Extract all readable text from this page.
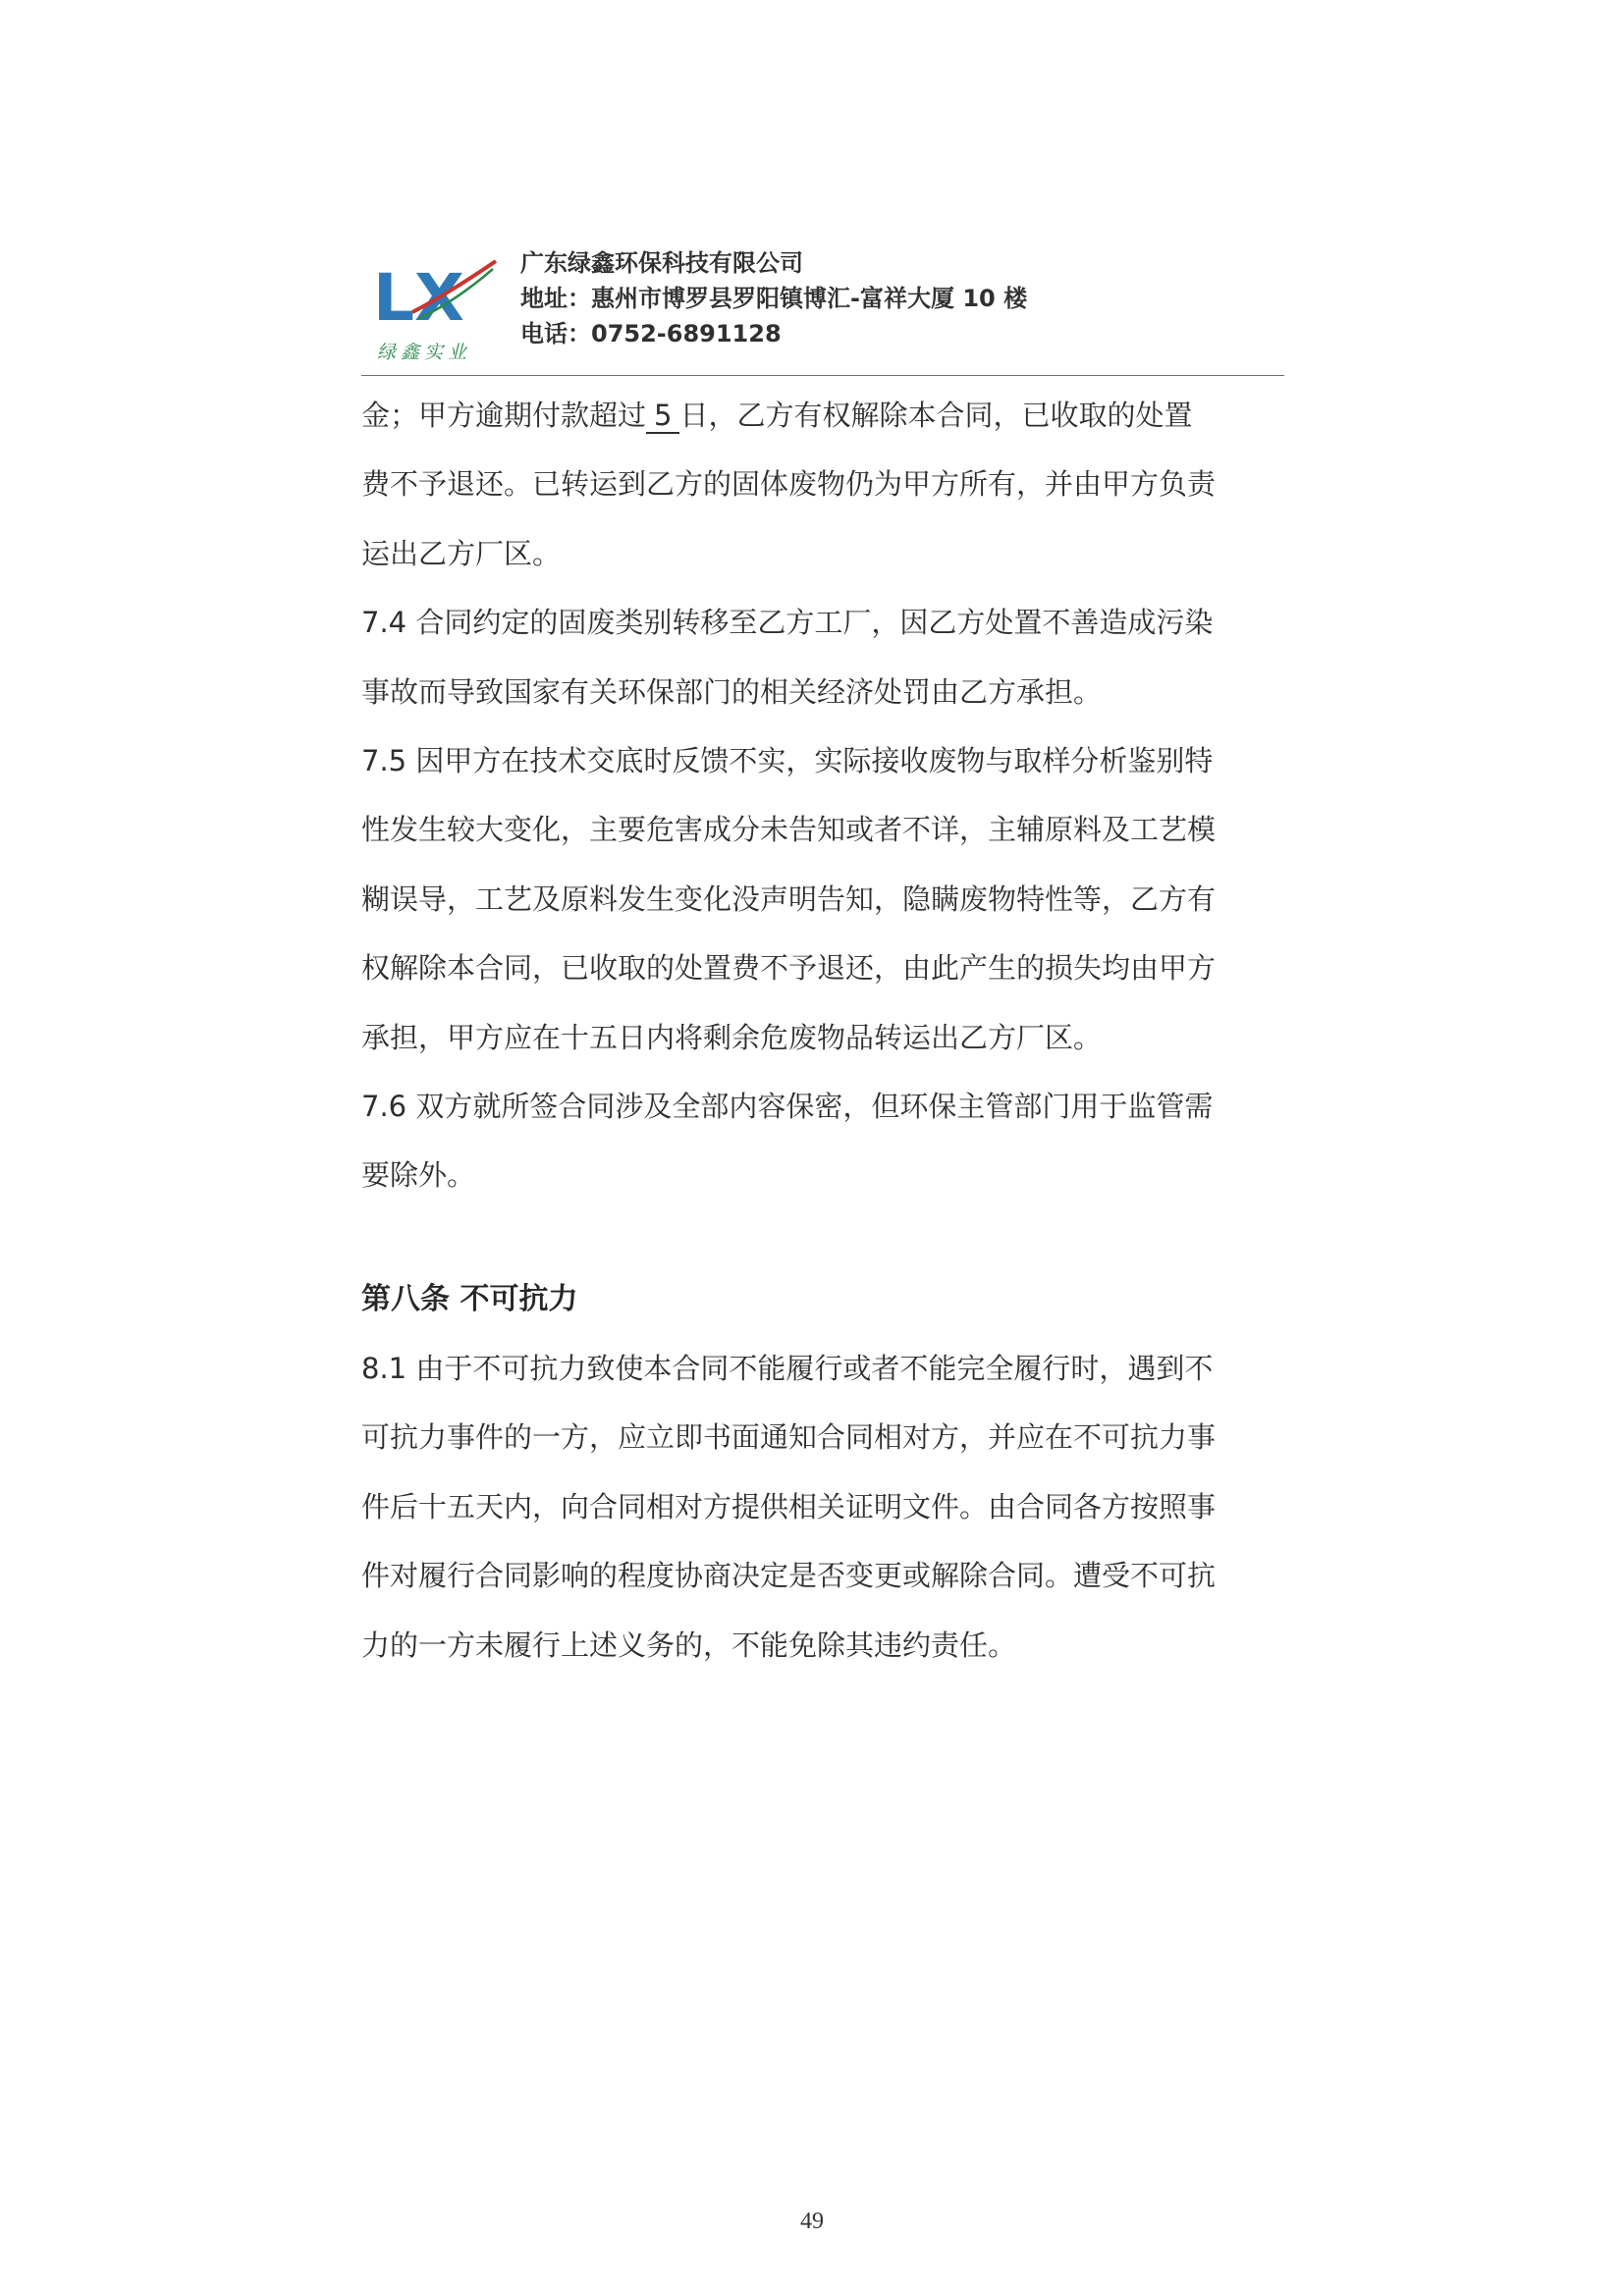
LX
绿鑫实业
广东绿鑫环保科技有限公司
地址：惠州市博罗县罗阳镇博汇-富祥大厦 10 楼
电话：0752-6891128

金；甲方逾期付款超过 5 日，乙方有权解除本合同，已收取的处置

费不予退还。已转运到乙方的固体废物仍为甲方所有，并由甲方负责

运出乙方厂区。

7.4 合同约定的固废类别转移至乙方工厂，因乙方处置不善造成污染

事故而导致国家有关环保部门的相关经济处罚由乙方承担。

7.5 因甲方在技术交底时反馈不实，实际接收废物与取样分析鉴别特

性发生较大变化，主要危害成分未告知或者不详，主辅原料及工艺模

糊误导，工艺及原料发生变化没声明告知，隐瞒废物特性等，乙方有

权解除本合同，已收取的处置费不予退还，由此产生的损失均由甲方

承担，甲方应在十五日内将剩余危废物品转运出乙方厂区。

7.6 双方就所签合同涉及全部内容保密，但环保主管部门用于监管需

要除外。

第八条 不可抗力

8.1 由于不可抗力致使本合同不能履行或者不能完全履行时，遇到不

可抗力事件的一方，应立即书面通知合同相对方，并应在不可抗力事

件后十五天内，向合同相对方提供相关证明文件。由合同各方按照事

件对履行合同影响的程度协商决定是否变更或解除合同。遭受不可抗

力的一方未履行上述义务的，不能免除其违约责任。

49
